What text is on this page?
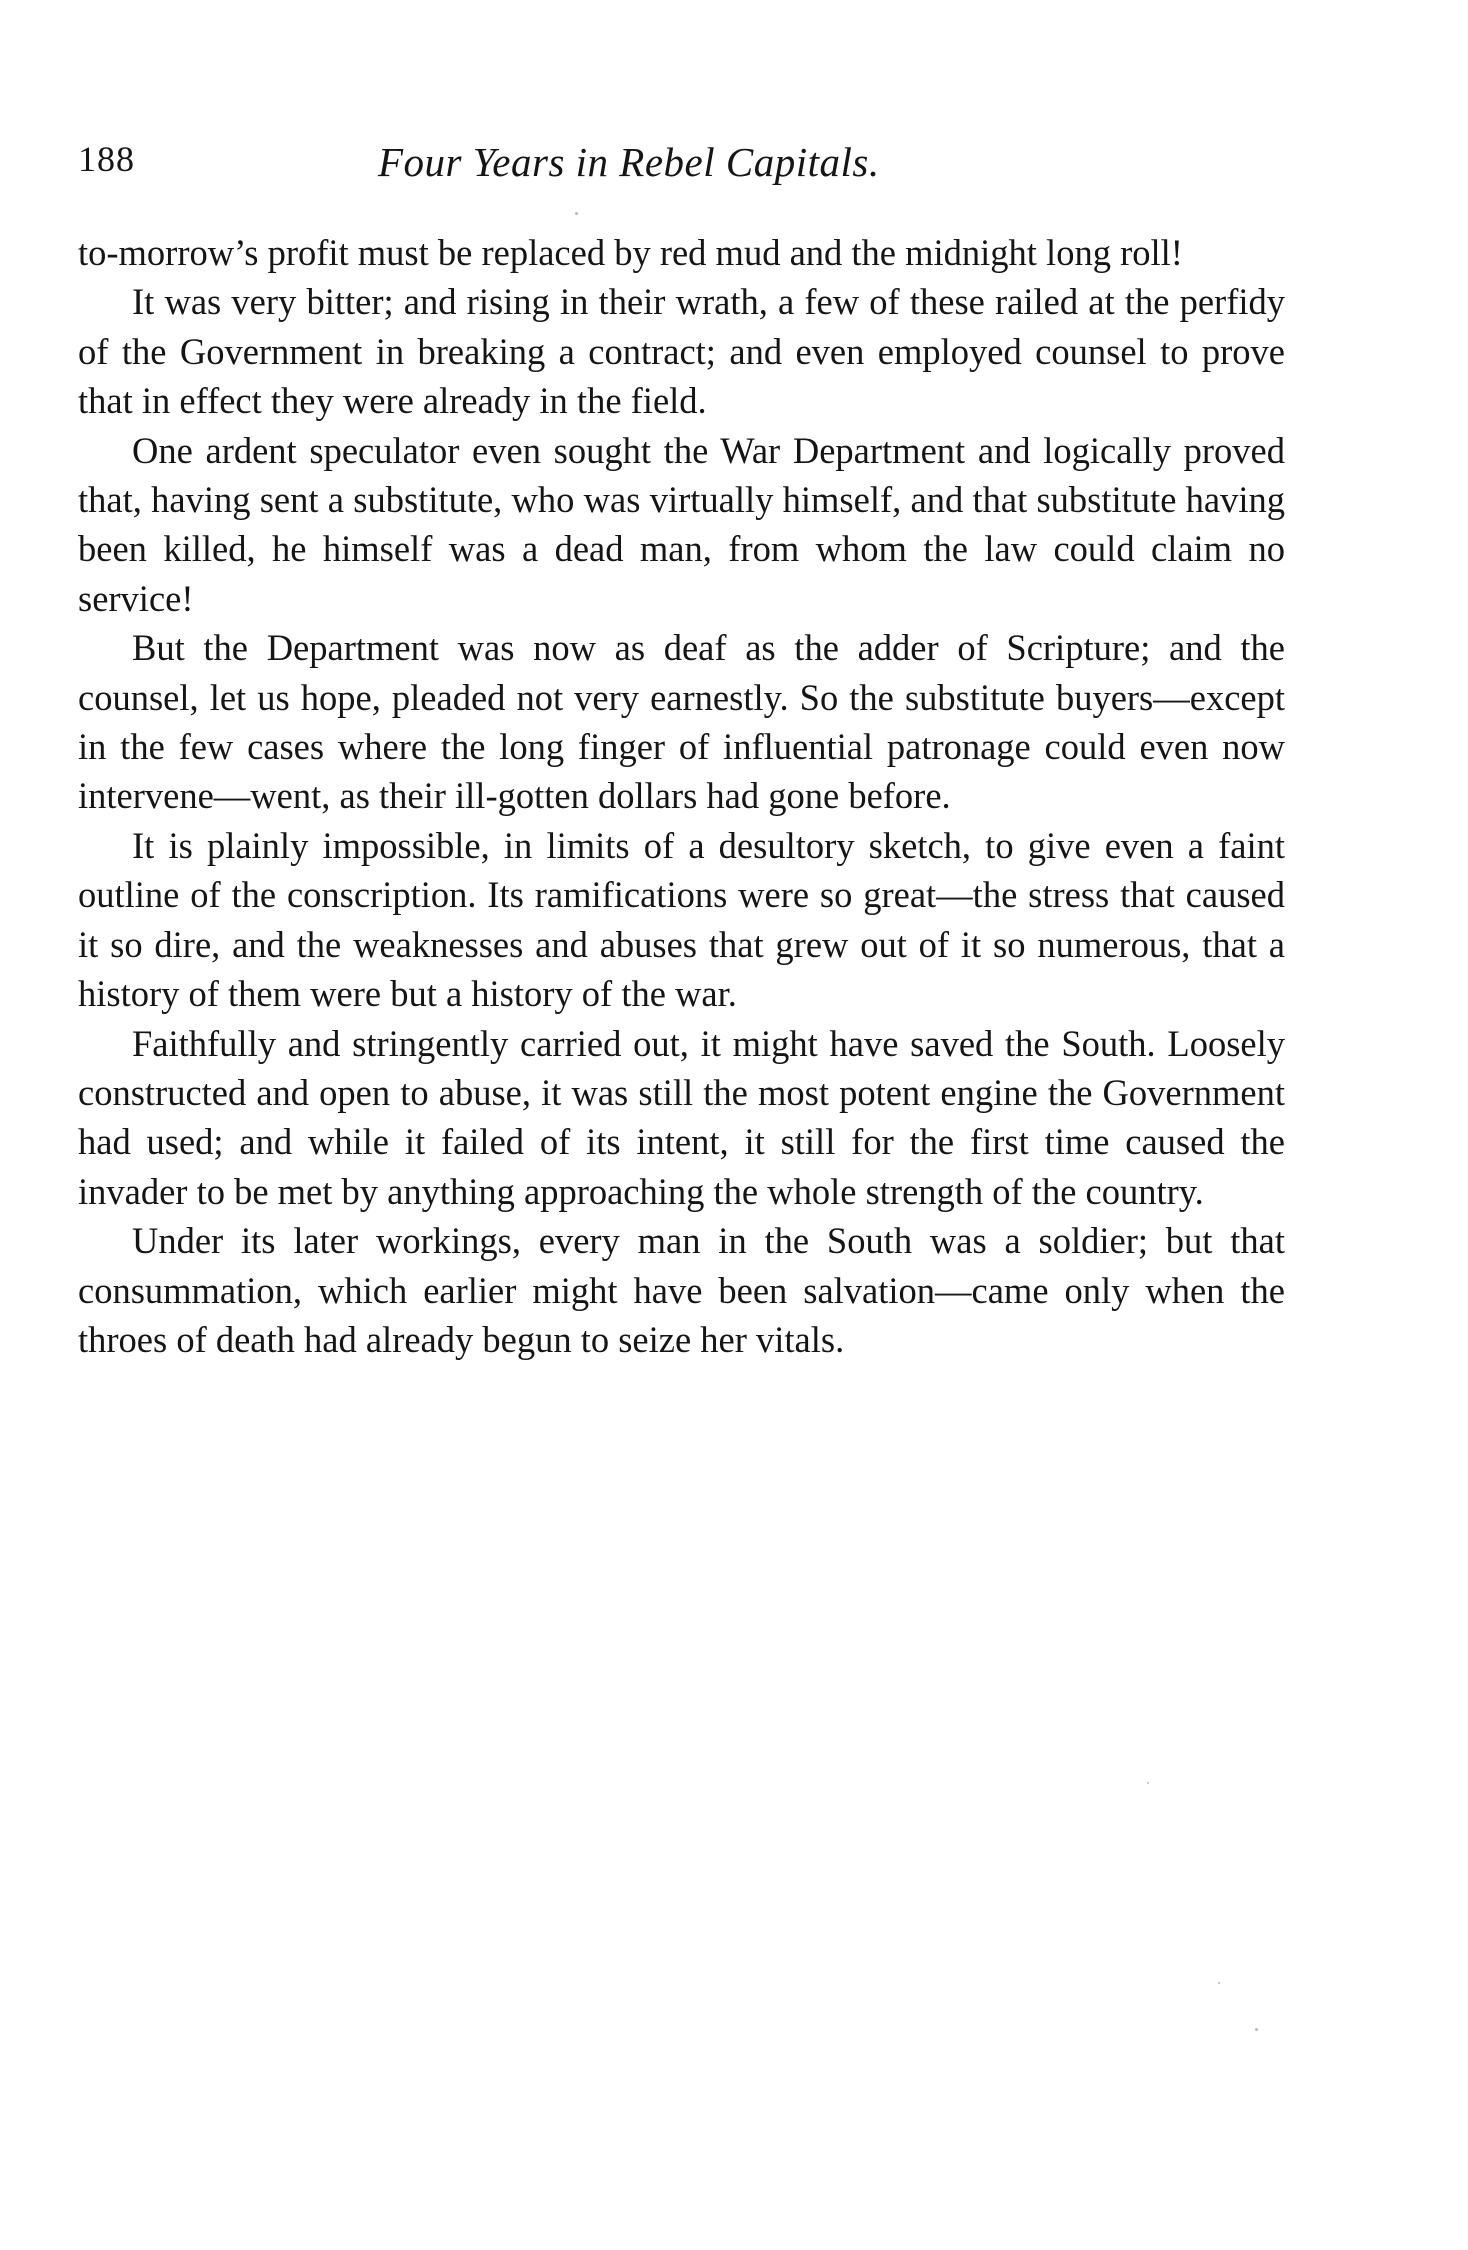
188	Four Years in Rebel Capitals.

to-morrow’s profit must be replaced by red mud and the midnight long roll!

It was very bitter; and rising in their wrath, a few of these railed at the perfidy of the Government in breaking a contract; and even employed counsel to prove that in effect they were already in the field.

One ardent speculator even sought the War Department and logically proved that, having sent a substitute, who was virtually himself, and that substitute having been killed, he himself was a dead man, from whom the law could claim no service!

But the Department was now as deaf as the adder of Scripture; and the counsel, let us hope, pleaded not very earnestly. So the substitute buyers—except in the few cases where the long finger of influential patronage could even now intervene—went, as their ill-gotten dollars had gone before.

It is plainly impossible, in limits of a desultory sketch, to give even a faint outline of the conscription. Its ramifications were so great—the stress that caused it so dire, and the weaknesses and abuses that grew out of it so numerous, that a history of them were but a history of the war.

Faithfully and stringently carried out, it might have saved the South. Loosely constructed and open to abuse, it was still the most potent engine the Government had used; and while it failed of its intent, it still for the first time caused the invader to be met by anything approaching the whole strength of the country.

Under its later workings, every man in the South was a soldier; but that consummation, which earlier might have been salvation—came only when the throes of death had already begun to seize her vitals.
